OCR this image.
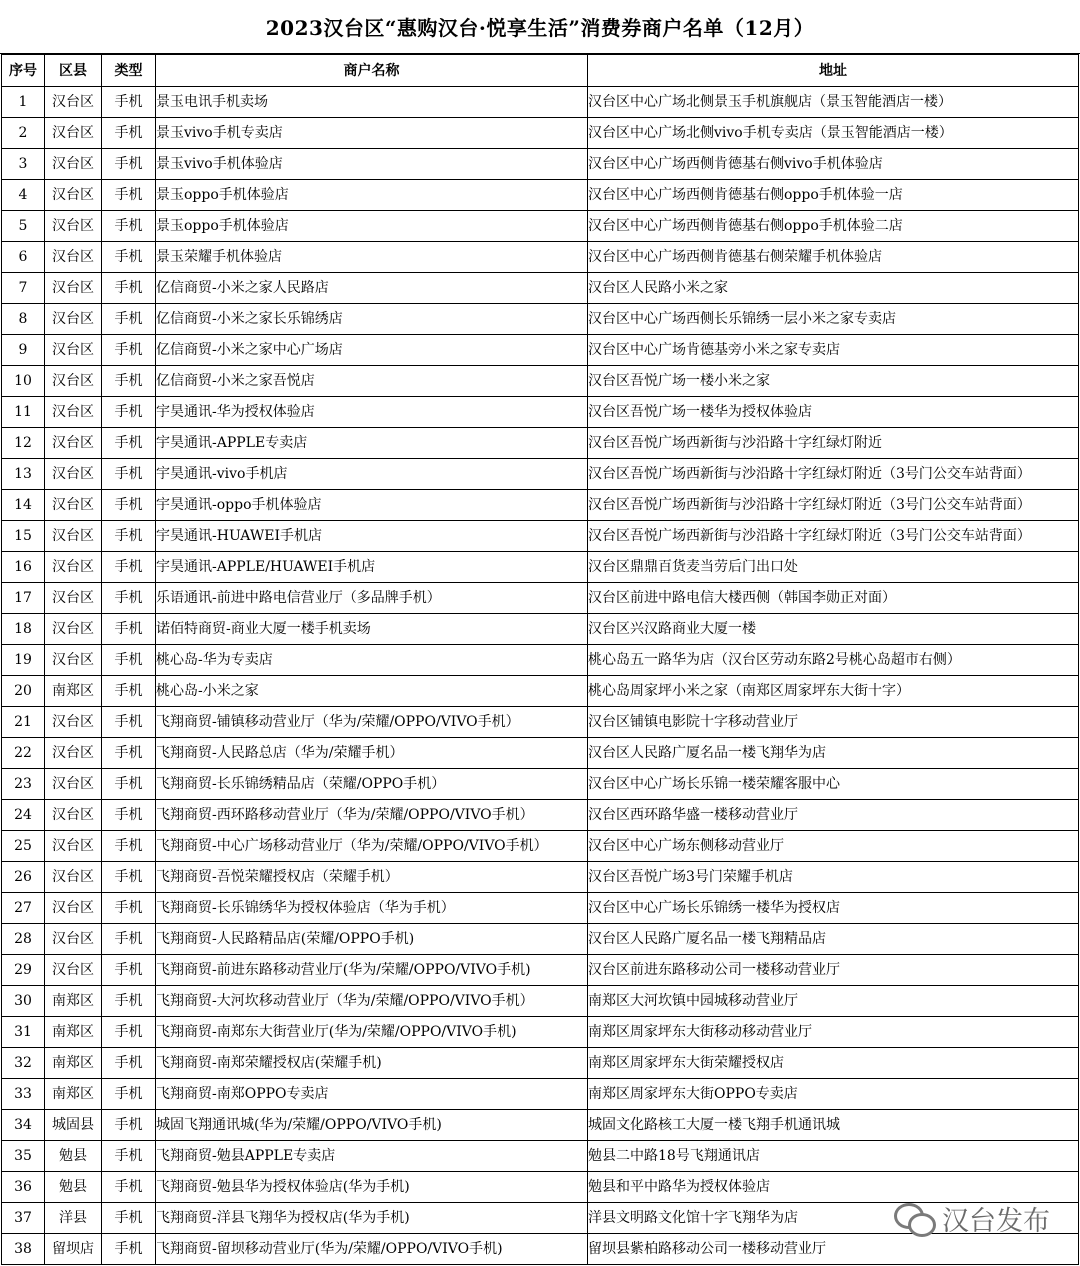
2023汉台区“惠购汉台·悦享生活”消费券商户名单（12月）
序号	区县	类型	商户名称	地址
1	汉台区	手机	景玉电讯手机卖场	汉台区中心广场北侧景玉手机旗舰店（景玉智能酒店一楼）
2	汉台区	手机	景玉vivo手机专卖店	汉台区中心广场北侧vivo手机专卖店（景玉智能酒店一楼）
3	汉台区	手机	景玉vivo手机体验店	汉台区中心广场西侧肯德基右侧vivo手机体验店
4	汉台区	手机	景玉oppo手机体验店	汉台区中心广场西侧肯德基右侧oppo手机体验一店
5	汉台区	手机	景玉oppo手机体验店	汉台区中心广场西侧肯德基右侧oppo手机体验二店
6	汉台区	手机	景玉荣耀手机体验店	汉台区中心广场西侧肯德基右侧荣耀手机体验店
7	汉台区	手机	亿信商贸-小米之家人民路店	汉台区人民路小米之家
8	汉台区	手机	亿信商贸-小米之家长乐锦绣店	汉台区中心广场西侧长乐锦绣一层小米之家专卖店
9	汉台区	手机	亿信商贸-小米之家中心广场店	汉台区中心广场肯德基旁小米之家专卖店
10	汉台区	手机	亿信商贸-小米之家吾悦店	汉台区吾悦广场一楼小米之家
11	汉台区	手机	宇昊通讯-华为授权体验店	汉台区吾悦广场一楼华为授权体验店
12	汉台区	手机	宇昊通讯-APPLE专卖店	汉台区吾悦广场西新街与沙沿路十字红绿灯附近
13	汉台区	手机	宇昊通讯-vivo手机店	汉台区吾悦广场西新街与沙沿路十字红绿灯附近（3号门公交车站背面）
14	汉台区	手机	宇昊通讯-oppo手机体验店	汉台区吾悦广场西新街与沙沿路十字红绿灯附近（3号门公交车站背面）
15	汉台区	手机	宇昊通讯-HUAWEI手机店	汉台区吾悦广场西新街与沙沿路十字红绿灯附近（3号门公交车站背面）
16	汉台区	手机	宇昊通讯-APPLE/HUAWEI手机店	汉台区鼎鼎百货麦当劳后门出口处
17	汉台区	手机	乐语通讯-前进中路电信营业厅（多品牌手机）	汉台区前进中路电信大楼西侧（韩国李勋正对面）
18	汉台区	手机	诺佰特商贸-商业大厦一楼手机卖场	汉台区兴汉路商业大厦一楼
19	汉台区	手机	桃心岛-华为专卖店	桃心岛五一路华为店（汉台区劳动东路2号桃心岛超市右侧）
20	南郑区	手机	桃心岛-小米之家	桃心岛周家坪小米之家（南郑区周家坪东大街十字）
21	汉台区	手机	飞翔商贸-铺镇移动营业厅（华为/荣耀/OPPO/VIVO手机）	汉台区铺镇电影院十字移动营业厅
22	汉台区	手机	飞翔商贸-人民路总店（华为/荣耀手机）	汉台区人民路广厦名品一楼飞翔华为店
23	汉台区	手机	飞翔商贸-长乐锦绣精品店（荣耀/OPPO手机）	汉台区中心广场长乐锦一楼荣耀客服中心
24	汉台区	手机	飞翔商贸-西环路移动营业厅（华为/荣耀/OPPO/VIVO手机）	汉台区西环路华盛一楼移动营业厅
25	汉台区	手机	飞翔商贸-中心广场移动营业厅（华为/荣耀/OPPO/VIVO手机）	汉台区中心广场东侧移动营业厅
26	汉台区	手机	飞翔商贸-吾悦荣耀授权店（荣耀手机）	汉台区吾悦广场3号门荣耀手机店
27	汉台区	手机	飞翔商贸-长乐锦绣华为授权体验店（华为手机）	汉台区中心广场长乐锦绣一楼华为授权店
28	汉台区	手机	飞翔商贸-人民路精品店(荣耀/OPPO手机)	汉台区人民路广厦名品一楼飞翔精品店
29	汉台区	手机	飞翔商贸-前进东路移动营业厅(华为/荣耀/OPPO/VIVO手机)	汉台区前进东路移动公司一楼移动营业厅
30	南郑区	手机	飞翔商贸-大河坎移动营业厅（华为/荣耀/OPPO/VIVO手机）	南郑区大河坎镇中园城移动营业厅
31	南郑区	手机	飞翔商贸-南郑东大街营业厅(华为/荣耀/OPPO/VIVO手机)	南郑区周家坪东大街移动移动营业厅
32	南郑区	手机	飞翔商贸-南郑荣耀授权店(荣耀手机)	南郑区周家坪东大街荣耀授权店
33	南郑区	手机	飞翔商贸-南郑OPPO专卖店	南郑区周家坪东大街OPPO专卖店
34	城固县	手机	城固飞翔通讯城(华为/荣耀/OPPO/VIVO手机)	城固文化路核工大厦一楼飞翔手机通讯城
35	勉县	手机	飞翔商贸-勉县APPLE专卖店	勉县二中路18号飞翔通讯店
36	勉县	手机	飞翔商贸-勉县华为授权体验店(华为手机)	勉县和平中路华为授权体验店
37	洋县	手机	飞翔商贸-洋县飞翔华为授权店(华为手机)	洋县文明路文化馆十字飞翔华为店
38	留坝店	手机	飞翔商贸-留坝移动营业厅(华为/荣耀/OPPO/VIVO手机)	留坝县紫柏路移动公司一楼移动营业厅
汉台发布
